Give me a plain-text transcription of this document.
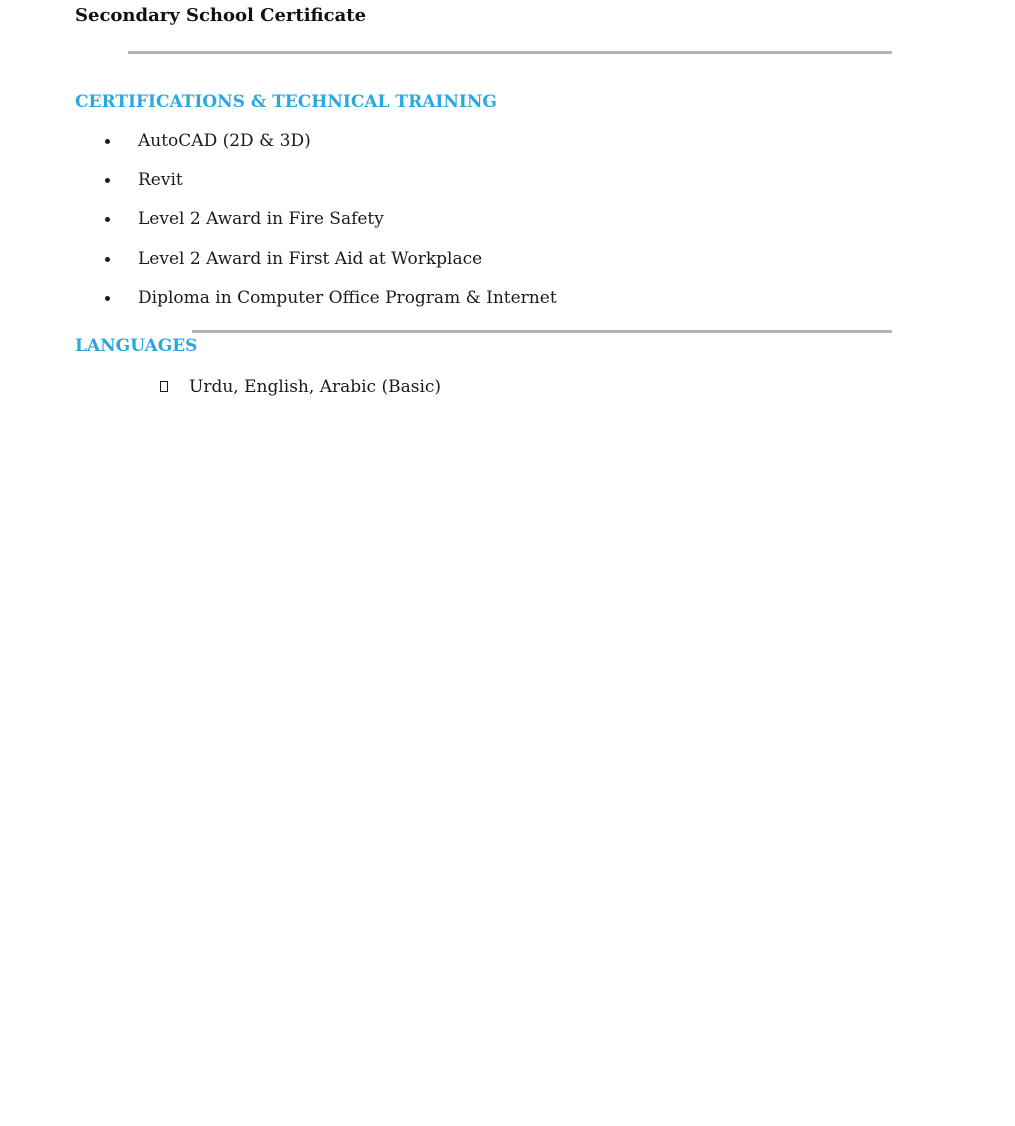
Secondary School Certificate
CERTIFICATIONS & TECHNICAL TRAINING
AutoCAD (2D & 3D)
Revit
Level 2 Award in Fire Safety
Level 2 Award in First Aid at Workplace
Diploma in Computer Office Program & Internet
LANGUAGES
Urdu, English, Arabic (Basic)
